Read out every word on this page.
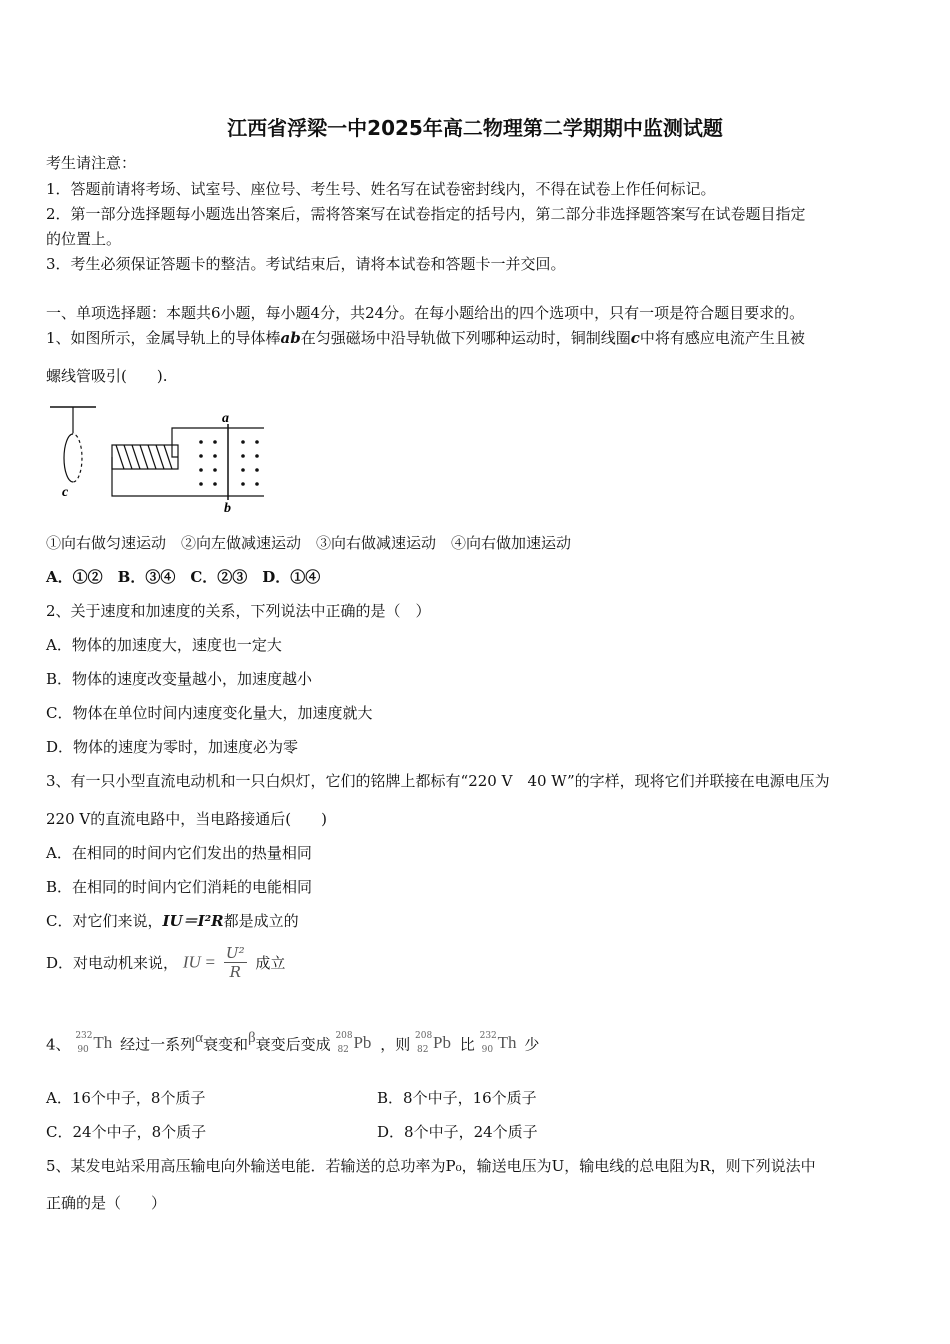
江西省浮梁一中2025年高二物理第二学期期中监测试题
考生请注意：
1．答题前请将考场、试室号、座位号、考生号、姓名写在试卷密封线内，不得在试卷上作任何标记。
2．第一部分选择题每小题选出答案后，需将答案写在试卷指定的括号内，第二部分非选择题答案写在试卷题目指定
的位置上。
3．考生必须保证答题卡的整洁。考试结束后，请将本试卷和答题卡一并交回。
一、单项选择题：本题共6小题，每小题4分，共24分。在每小题给出的四个选项中，只有一项是符合题目要求的。
1、如图所示，金属导轨上的导体棒ab在匀强磁场中沿导轨做下列哪种运动时，铜制线圈c中将有感应电流产生且被
螺线管吸引(　　).
c
a
b
①向右做匀速运动　②向左做减速运动　③向右做减速运动　④向右做加速运动
A．①②　B．③④　C．②③　D．①④
2、关于速度和加速度的关系，下列说法中正确的是（　）
A．物体的加速度大，速度也一定大
B．物体的速度改变量越小，加速度越小
C．物体在单位时间内速度变化量大，加速度就大
D．物体的速度为零时，加速度必为零
3、有一只小型直流电动机和一只白炽灯，它们的铭牌上都标有“220 V　40 W”的字样，现将它们并联接在电源电压为
220 V的直流电路中，当电路接通后(　　)
A．在相同的时间内它们发出的热量相同
B．在相同的时间内它们消耗的电能相同
C．对它们来说，IU＝I²R都是成立的
D．对电动机来说， IU = $\frac{\text{U²}}{R}$ 成立
4、 232
90 Th 经过一系列α衰变和β衰变后变成 208
82 Pb ，则 208
82 Pb 比 232
90 Th 少
A．16个中子，8个质子	B．8个中子，16个质子
C．24个中子，8个质子	D．8个中子，24个质子
5、某发电站采用高压输电向外输送电能．若输送的总功率为P₀，输送电压为U，输电线的总电阻为R，则下列说法中
正确的是（　　）
